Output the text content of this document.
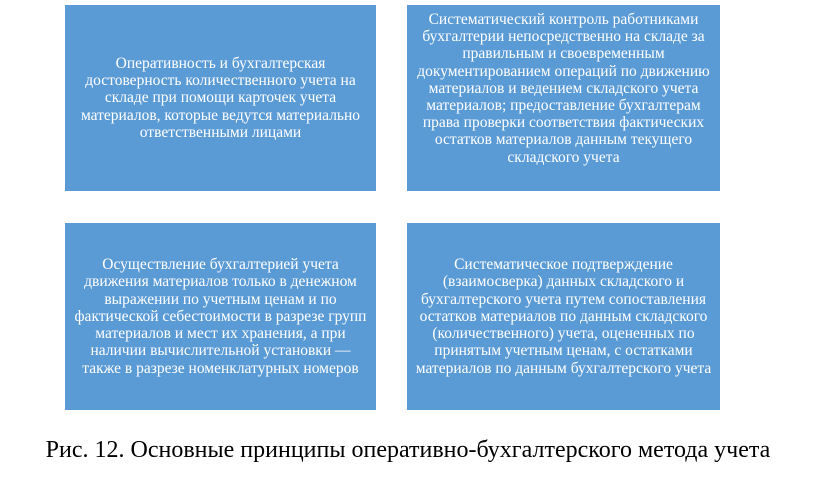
Оперативность и бухгалтерская достоверность количественного учета на складе при помощи карточек учета материалов, которые ведутся материально ответственными лицами
Систематический контроль работниками бухгалтерии непосредственно на складе за правильным и своевременным документированием операций по движению материалов и ведением складского учета материалов; предоставление бухгалтерам права проверки соответствия фактических остатков материалов данным текущего складского учета
Осуществление бухгалтерией учета движения материалов только в денежном выражении по учетным ценам и по фактической себестоимости в разрезе групп материалов и мест их хранения, а при наличии вычислительной установки — также в разрезе номенклатурных номеров
Систематическое подтверждение (взаимосверка) данных складского и бухгалтерского учета путем сопоставления остатков материалов по данным складского (количественного) учета, оцененных по принятым учетным ценам, с остатками материалов по данным бухгалтерского учета
Рис. 12. Основные принципы оперативно-бухгалтерского метода учета
